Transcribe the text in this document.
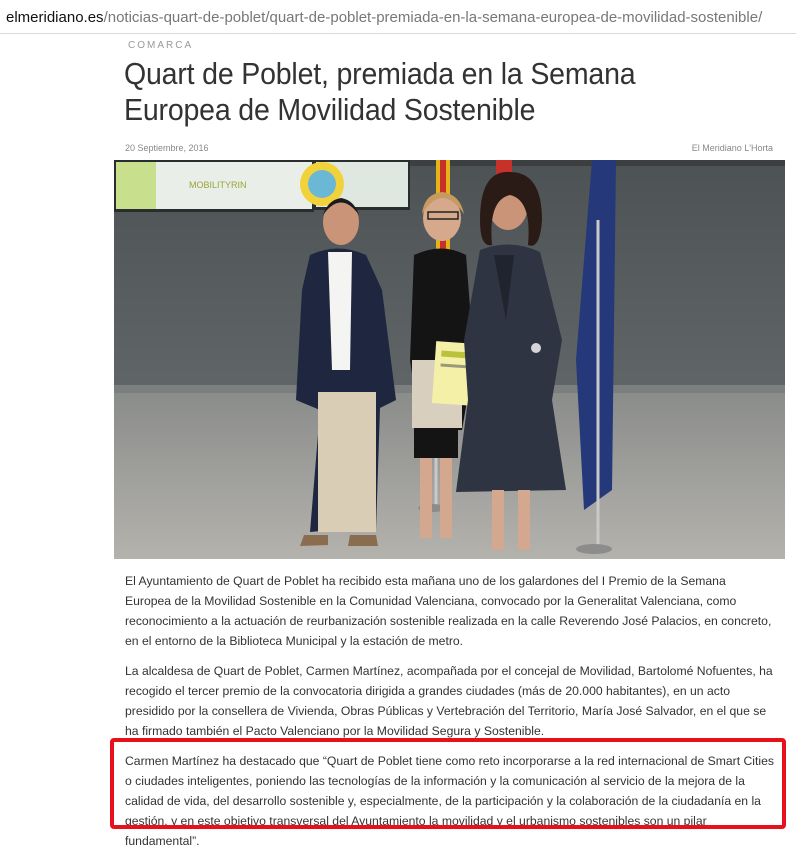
elmeridiano.es/noticias-quart-de-poblet/quart-de-poblet-premiada-en-la-semana-europea-de-movilidad-sostenible/
COMARCA
Quart de Poblet, premiada en la Semana Europea de Movilidad Sostenible
20 Septiembre, 2016	El Meridiano L'Horta
MOBILITYRIN

El Ayuntamiento de Quart de Poblet ha recibido esta mañana uno de los galardones del I Premio de la Semana Europea de la Movilidad Sostenible en la Comunidad Valenciana, convocado por la Generalitat Valenciana, como reconocimiento a la actuación de reurbanización sostenible realizada en la calle Reverendo José Palacios, en concreto, en el entorno de la Biblioteca Municipal y la estación de metro.

La alcaldesa de Quart de Poblet, Carmen Martínez, acompañada por el concejal de Movilidad, Bartolomé Nofuentes, ha recogido el tercer premio de la convocatoria dirigida a grandes ciudades (más de 20.000 habitantes), en un acto presidido por la consellera de Vivienda, Obras Públicas y Vertebración del Territorio, María José Salvador, en el que se ha firmado también el Pacto Valenciano por la Movilidad Segura y Sostenible.

Carmen Martínez ha destacado que “Quart de Poblet tiene como reto incorporarse a la red internacional de Smart Cities o ciudades inteligentes, poniendo las tecnologías de la información y la comunicación al servicio de la mejora de la calidad de vida, del desarrollo sostenible y, especialmente, de la participación y la colaboración de la ciudadanía en la gestión, y en este objetivo transversal del Ayuntamiento la movilidad y el urbanismo sostenibles son un pilar fundamental”.
